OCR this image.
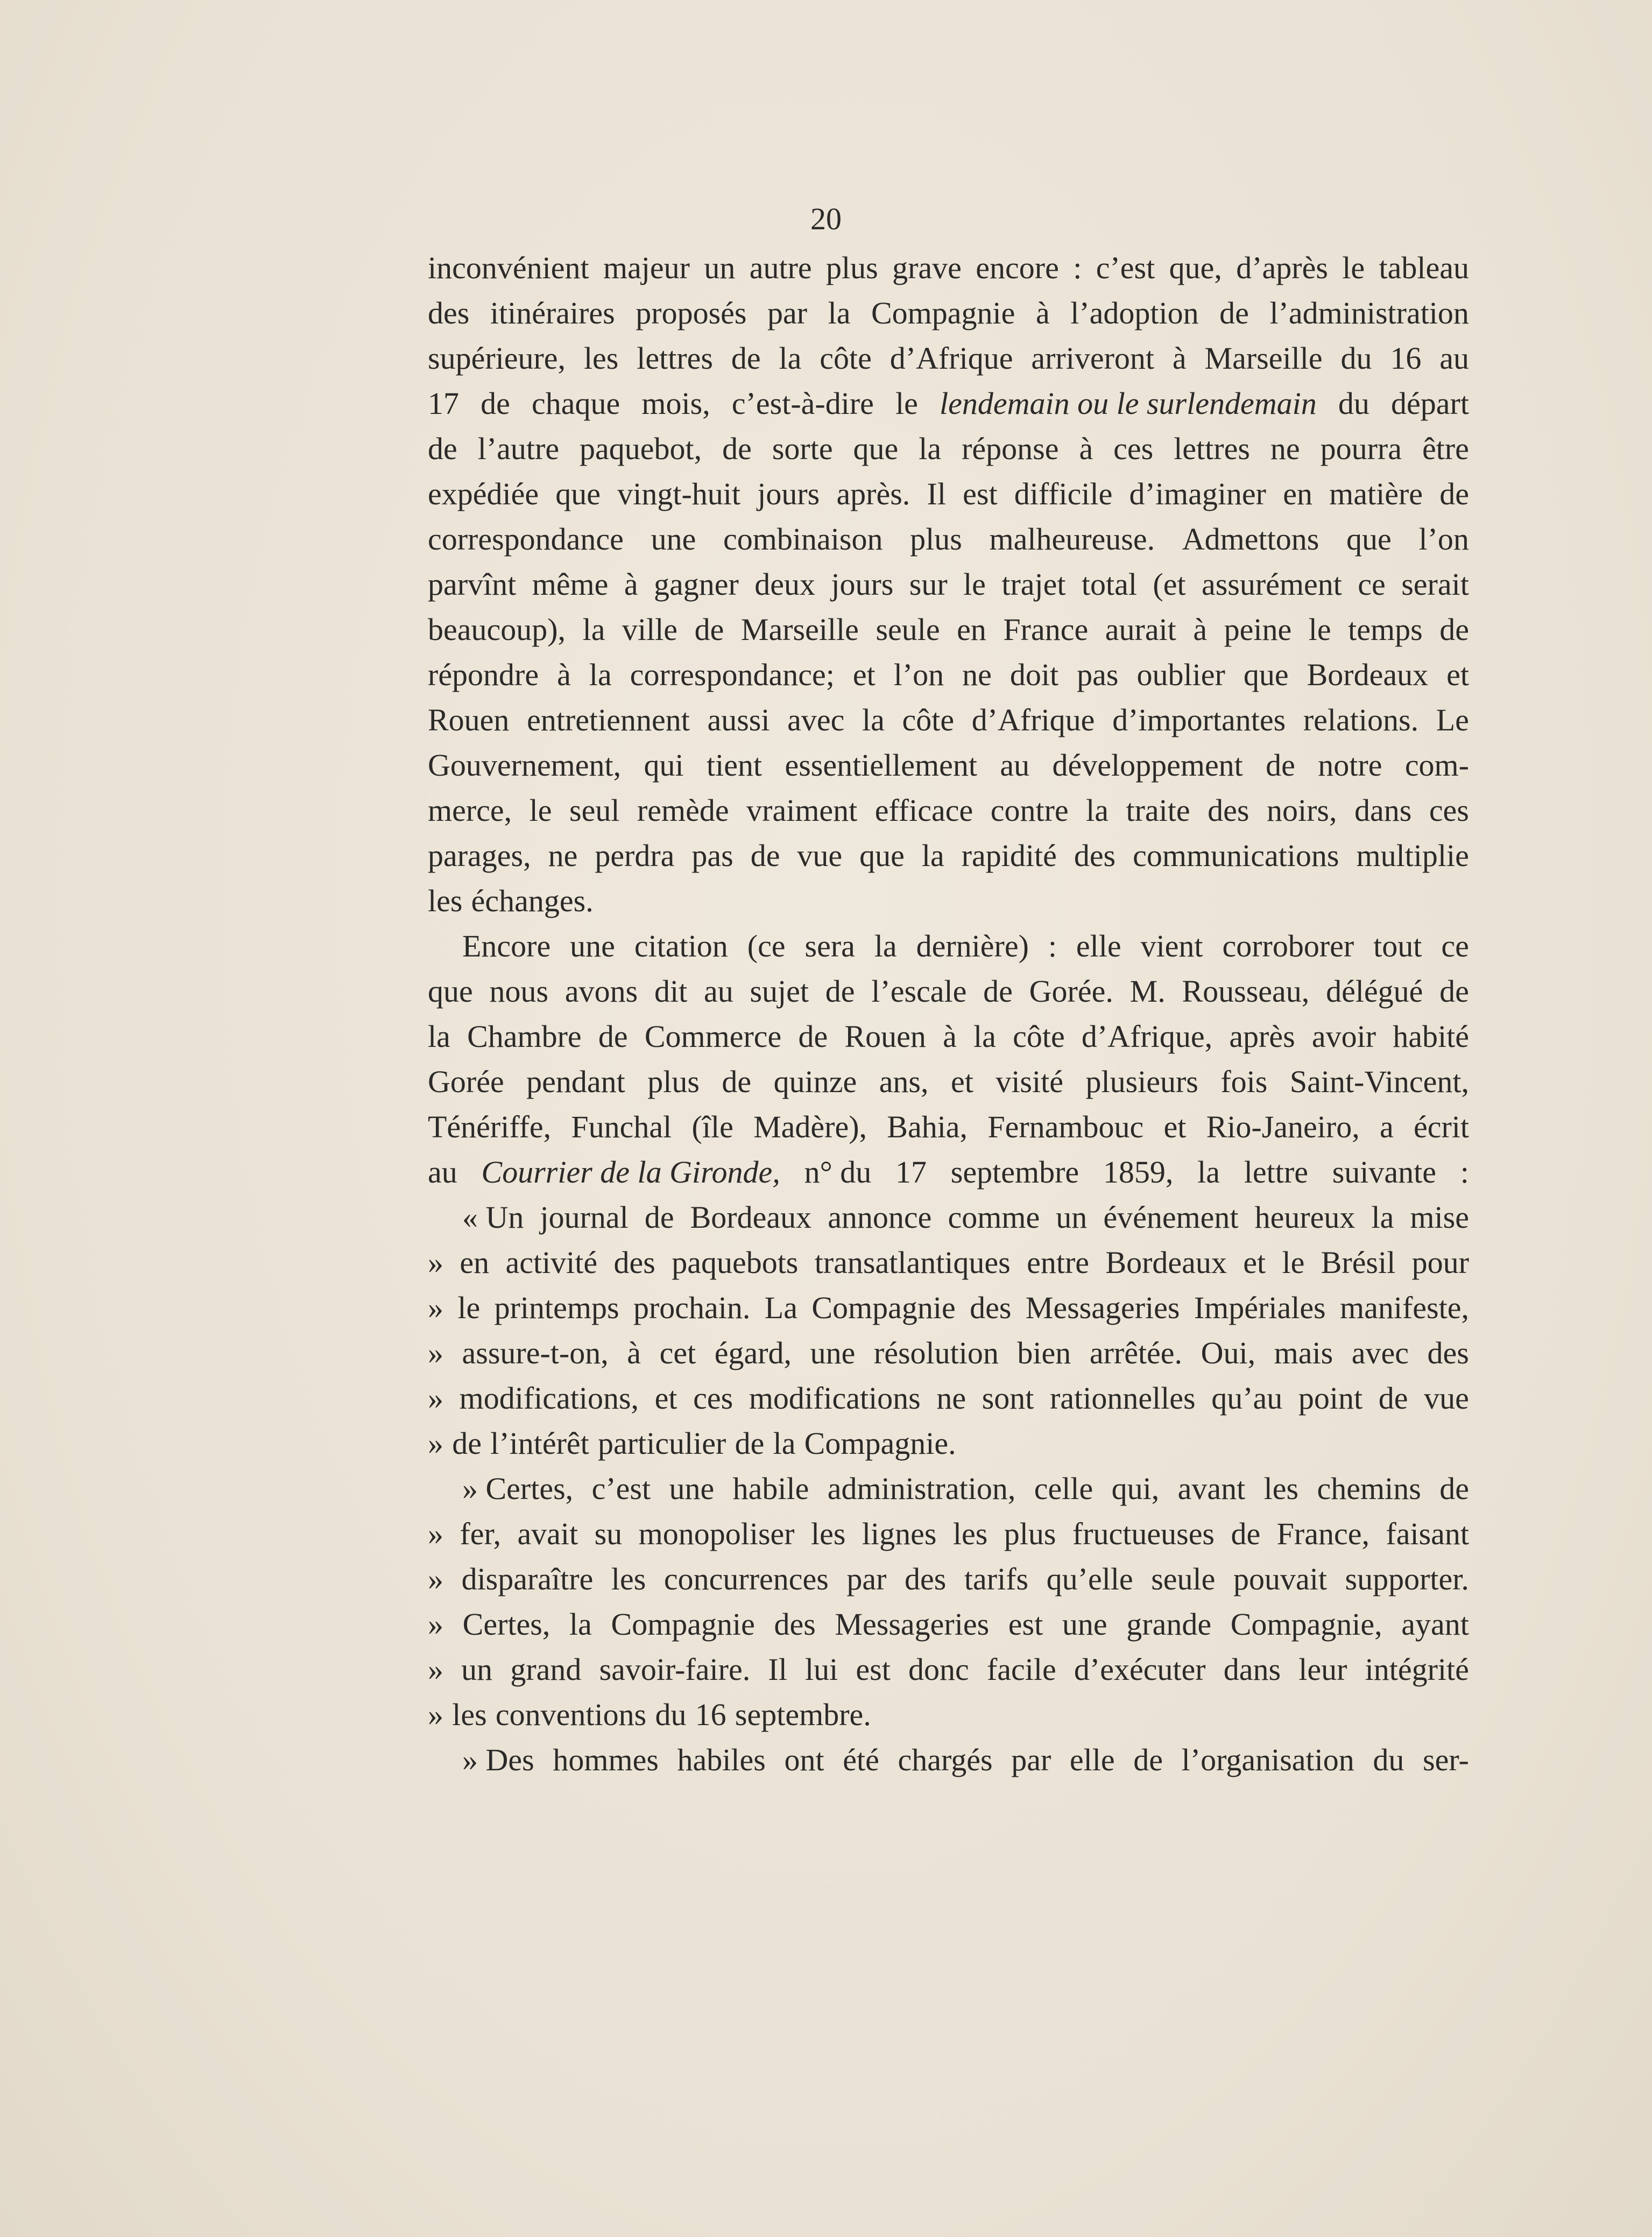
20
inconvénient majeur un autre plus grave encore : c’est que, d’après le tableau
des itinéraires proposés par la Compagnie à l’adoption de l’administration
supérieure, les lettres de la côte d’Afrique arriveront à Marseille du 16 au
17 de chaque mois, c’est-à-dire le lendemain ou le surlendemain du départ
de l’autre paquebot, de sorte que la réponse à ces lettres ne pourra être
expédiée que vingt-huit jours après. Il est difficile d’imaginer en matière de
correspondance une combinaison plus malheureuse. Admettons que l’on
parvînt même à gagner deux jours sur le trajet total (et assurément ce serait
beaucoup), la ville de Marseille seule en France aurait à peine le temps de
répondre à la correspondance; et l’on ne doit pas oublier que Bordeaux et
Rouen entretiennent aussi avec la côte d’Afrique d’importantes relations. Le
Gouvernement, qui tient essentiellement au développement de notre com-
merce, le seul remède vraiment efficace contre la traite des noirs, dans ces
parages, ne perdra pas de vue que la rapidité des communications multiplie
les échanges.
Encore une citation (ce sera la dernière) : elle vient corroborer tout ce
que nous avons dit au sujet de l’escale de Gorée. M. Rousseau, délégué de
la Chambre de Commerce de Rouen à la côte d’Afrique, après avoir habité
Gorée pendant plus de quinze ans, et visité plusieurs fois Saint-Vincent,
Ténériffe, Funchal (île Madère), Bahia, Fernambouc et Rio-Janeiro, a écrit
au Courrier de la Gironde, n° du 17 septembre 1859, la lettre suivante :
« Un journal de Bordeaux annonce comme un événement heureux la mise
» en activité des paquebots transatlantiques entre Bordeaux et le Brésil pour
» le printemps prochain. La Compagnie des Messageries Impériales manifeste,
» assure-t-on, à cet égard, une résolution bien arrêtée. Oui, mais avec des
» modifications, et ces modifications ne sont rationnelles qu’au point de vue
» de l’intérêt particulier de la Compagnie.
» Certes, c’est une habile administration, celle qui, avant les chemins de
» fer, avait su monopoliser les lignes les plus fructueuses de France, faisant
» disparaître les concurrences par des tarifs qu’elle seule pouvait supporter.
» Certes, la Compagnie des Messageries est une grande Compagnie, ayant
» un grand savoir-faire. Il lui est donc facile d’exécuter dans leur intégrité
» les conventions du 16 septembre.
» Des hommes habiles ont été chargés par elle de l’organisation du ser-
